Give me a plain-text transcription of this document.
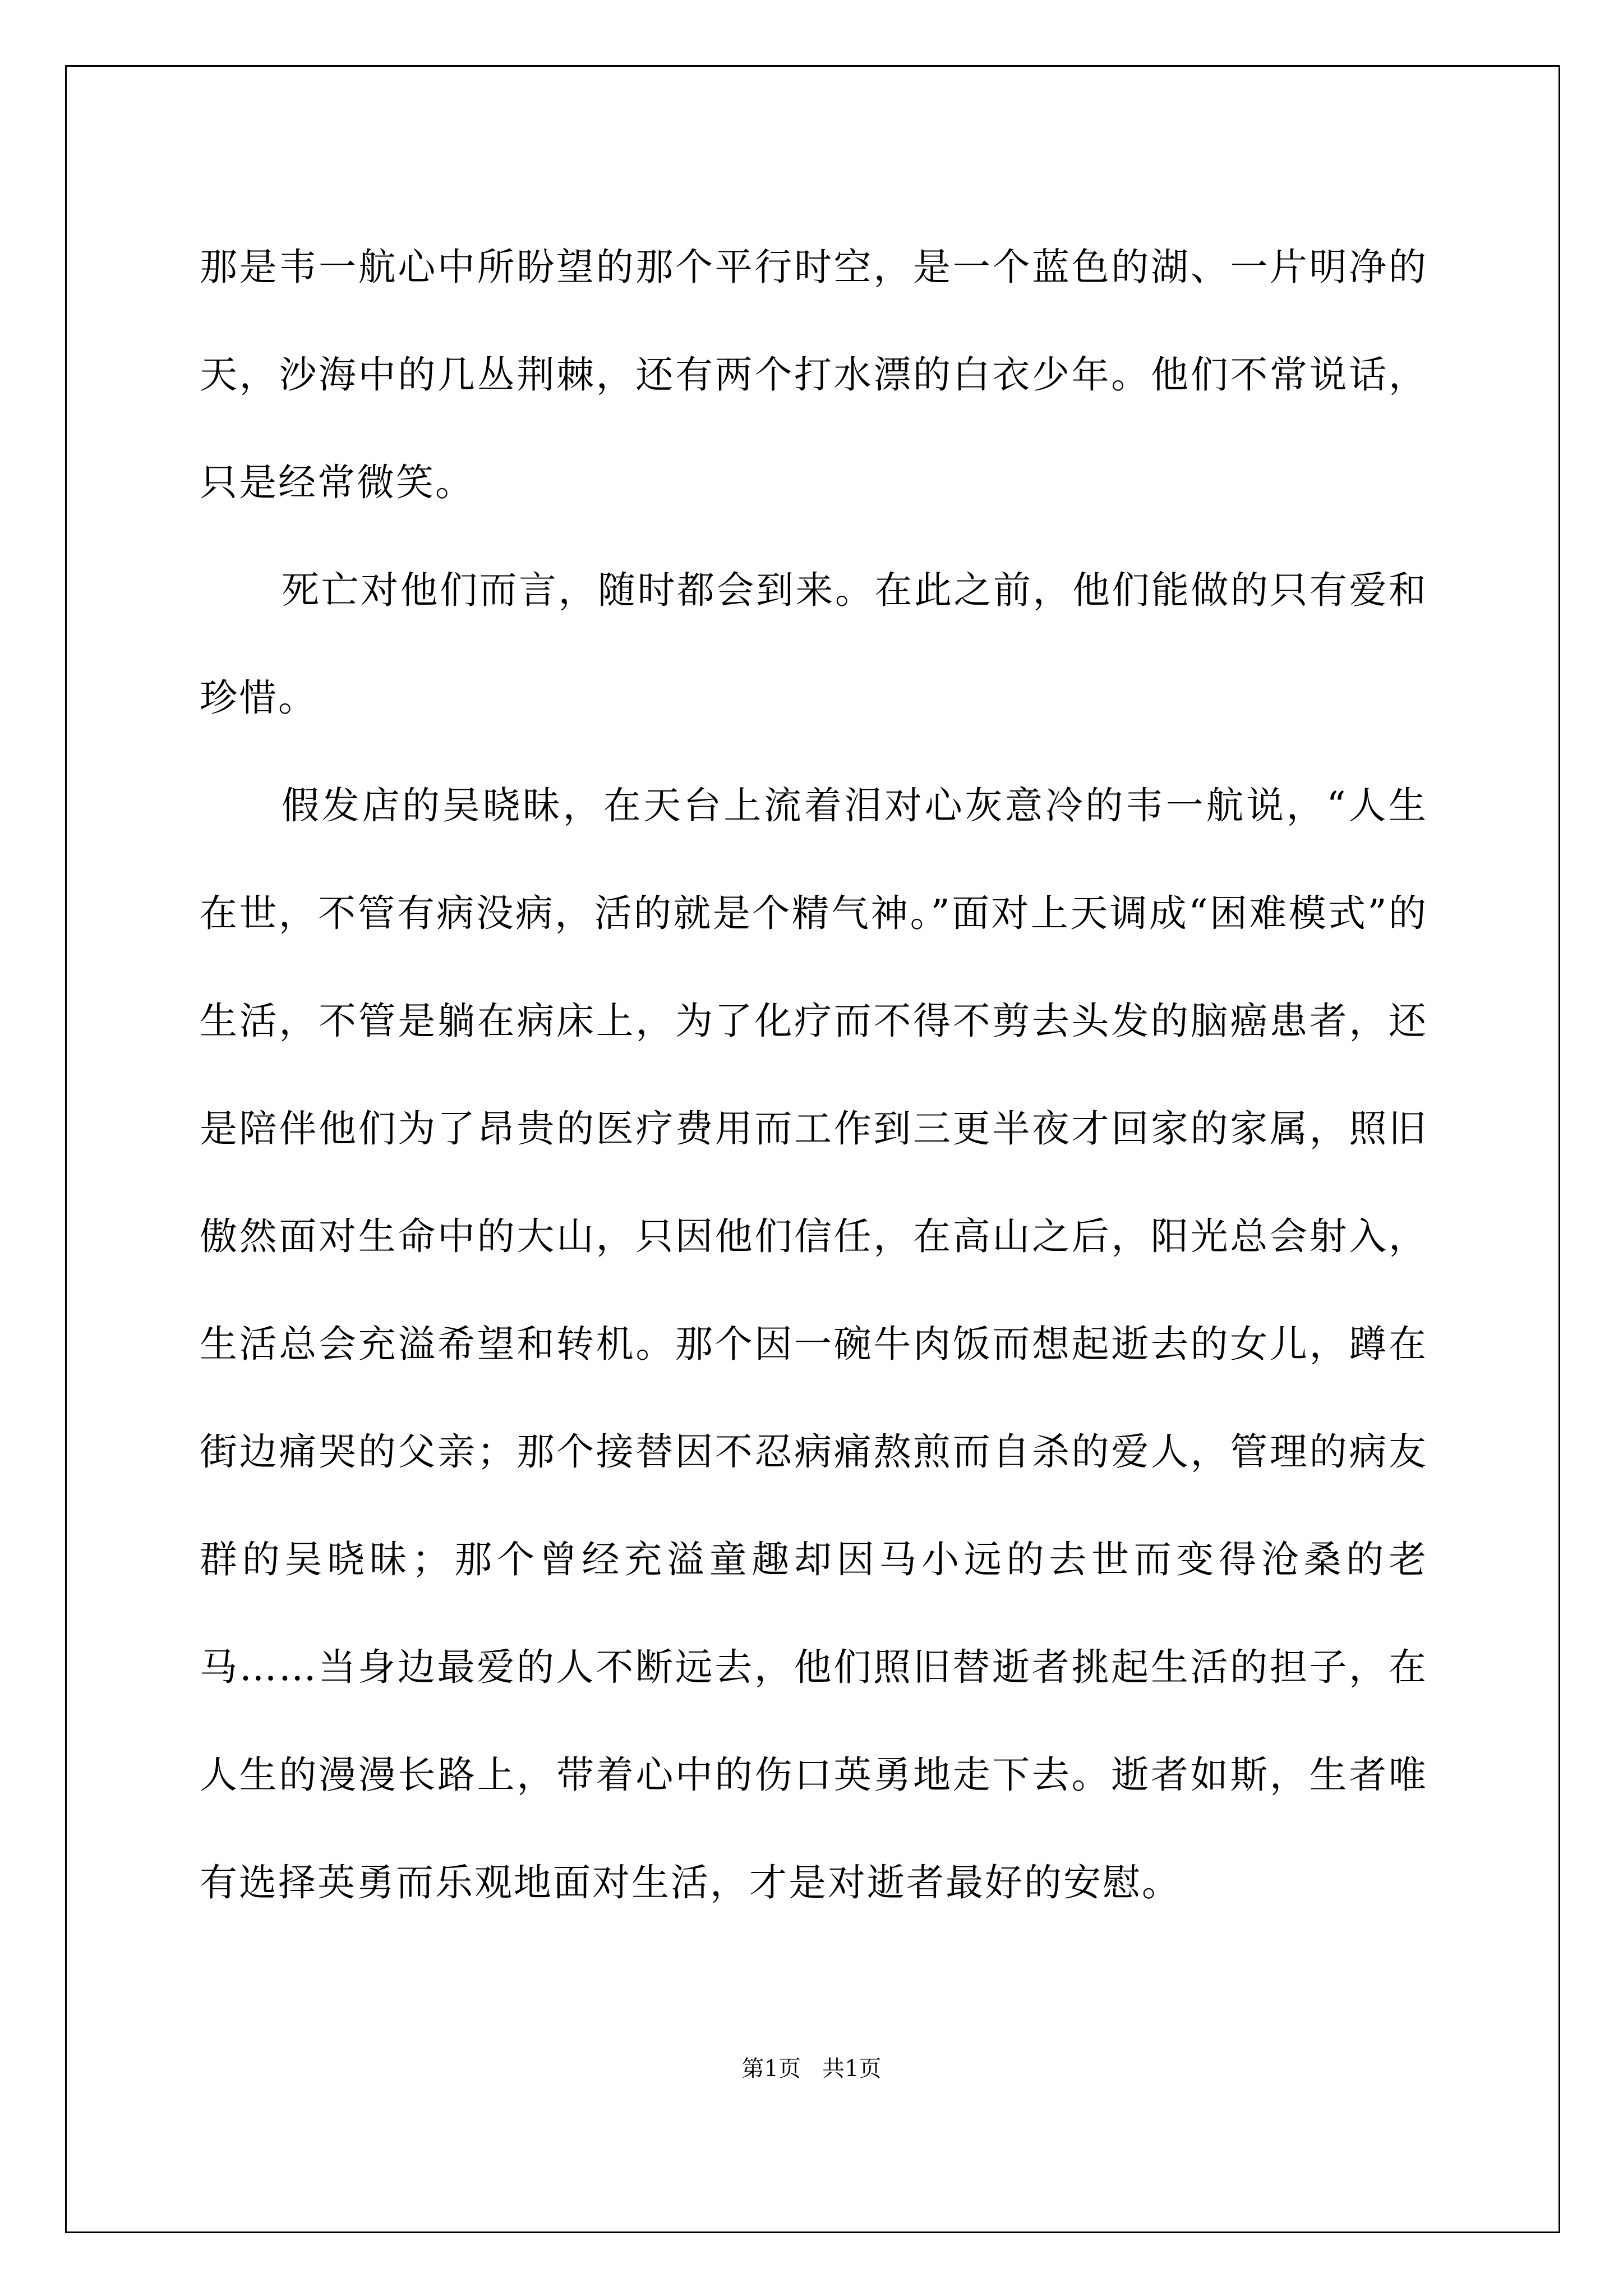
那是韦一航心中所盼望的那个平行时空，是一个蓝色的湖、一片明净的天，沙海中的几丛荆棘，还有两个打水漂的白衣少年。他们不常说话，只是经常微笑。

死亡对他们而言，随时都会到来。在此之前，他们能做的只有爱和珍惜。

假发店的吴晓昧，在天台上流着泪对心灰意冷的韦一航说，“人生在世，不管有病没病，活的就是个精气神。”面对上天调成“困难模式”的生活，不管是躺在病床上，为了化疗而不得不剪去头发的脑癌患者，还是陪伴他们为了昂贵的医疗费用而工作到三更半夜才回家的家属，照旧傲然面对生命中的大山，只因他们信任，在高山之后，阳光总会射入，生活总会充溢希望和转机。那个因一碗牛肉饭而想起逝去的女儿，蹲在街边痛哭的父亲；那个接替因不忍病痛熬煎而自杀的爱人，管理的病友群的吴晓昧；那个曾经充溢童趣却因马小远的去世而变得沧桑的老马……当身边最爱的人不断远去，他们照旧替逝者挑起生活的担子，在人生的漫漫长路上，带着心中的伤口英勇地走下去。逝者如斯，生者唯有选择英勇而乐观地面对生活，才是对逝者最好的安慰。

第1页   共1页
